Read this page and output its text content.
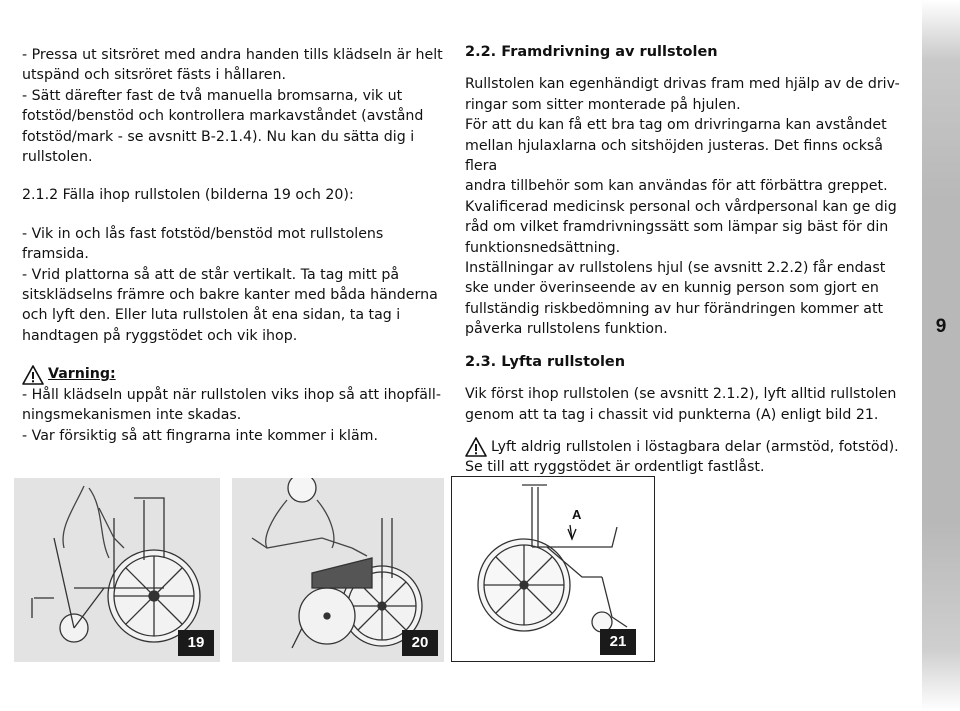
9

- Pressa ut sitsröret med andra handen tills klädseln är helt

utspänd och sitsröret fästs i hållaren.

- Sätt därefter fast de två manuella bromsarna, vik ut

fotstöd/benstöd och kontrollera markavståndet (avstånd

fotstöd/mark - se avsnitt B-2.1.4). Nu kan du sätta dig i

rullstolen.

2.1.2 Fälla ihop rullstolen (bilderna 19 och 20):

- Vik in och lås fast fotstöd/benstöd mot rullstolens

framsida.

- Vrid plattorna så att de står vertikalt. Ta tag mitt på

sitsklädselns främre och bakre kanter med båda händerna

och lyft den. Eller luta rullstolen åt ena sidan, ta tag i

handtagen på ryggstödet och vik ihop.

Varning:

- Håll klädseln uppåt när rullstolen viks ihop så att ihopfäll-

ningsmekanismen inte skadas.

- Var försiktig så att fingrarna inte kommer i kläm.

2.2. Framdrivning av rullstolen

Rullstolen kan egenhändigt drivas fram med hjälp av de driv-

ringar som sitter monterade på hjulen.

För att du kan få ett bra tag om drivringarna kan avståndet

mellan hjulaxlarna och sitshöjden justeras. Det finns också flera

andra tillbehör som kan användas för att förbättra greppet.

Kvalificerad medicinsk personal och vårdpersonal kan ge dig

råd om vilket framdrivningssätt som lämpar sig bäst för din

funktionsnedsättning.

Inställningar av rullstolens hjul (se avsnitt 2.2.2) får endast

ske under överinseende av en kunnig person som gjort en

fullständig riskbedömning av hur förändringen kommer att

påverka rullstolens funktion.

2.3. Lyfta rullstolen

Vik först ihop rullstolen (se avsnitt 2.1.2), lyft alltid rullstolen

genom att ta tag i chassit vid punkterna (A) enligt bild 21.

Lyft aldrig rullstolen i löstagbara delar (armstöd, fotstöd).

Se till att ryggstödet är ordentligt fastlåst.

19	20
A
21
